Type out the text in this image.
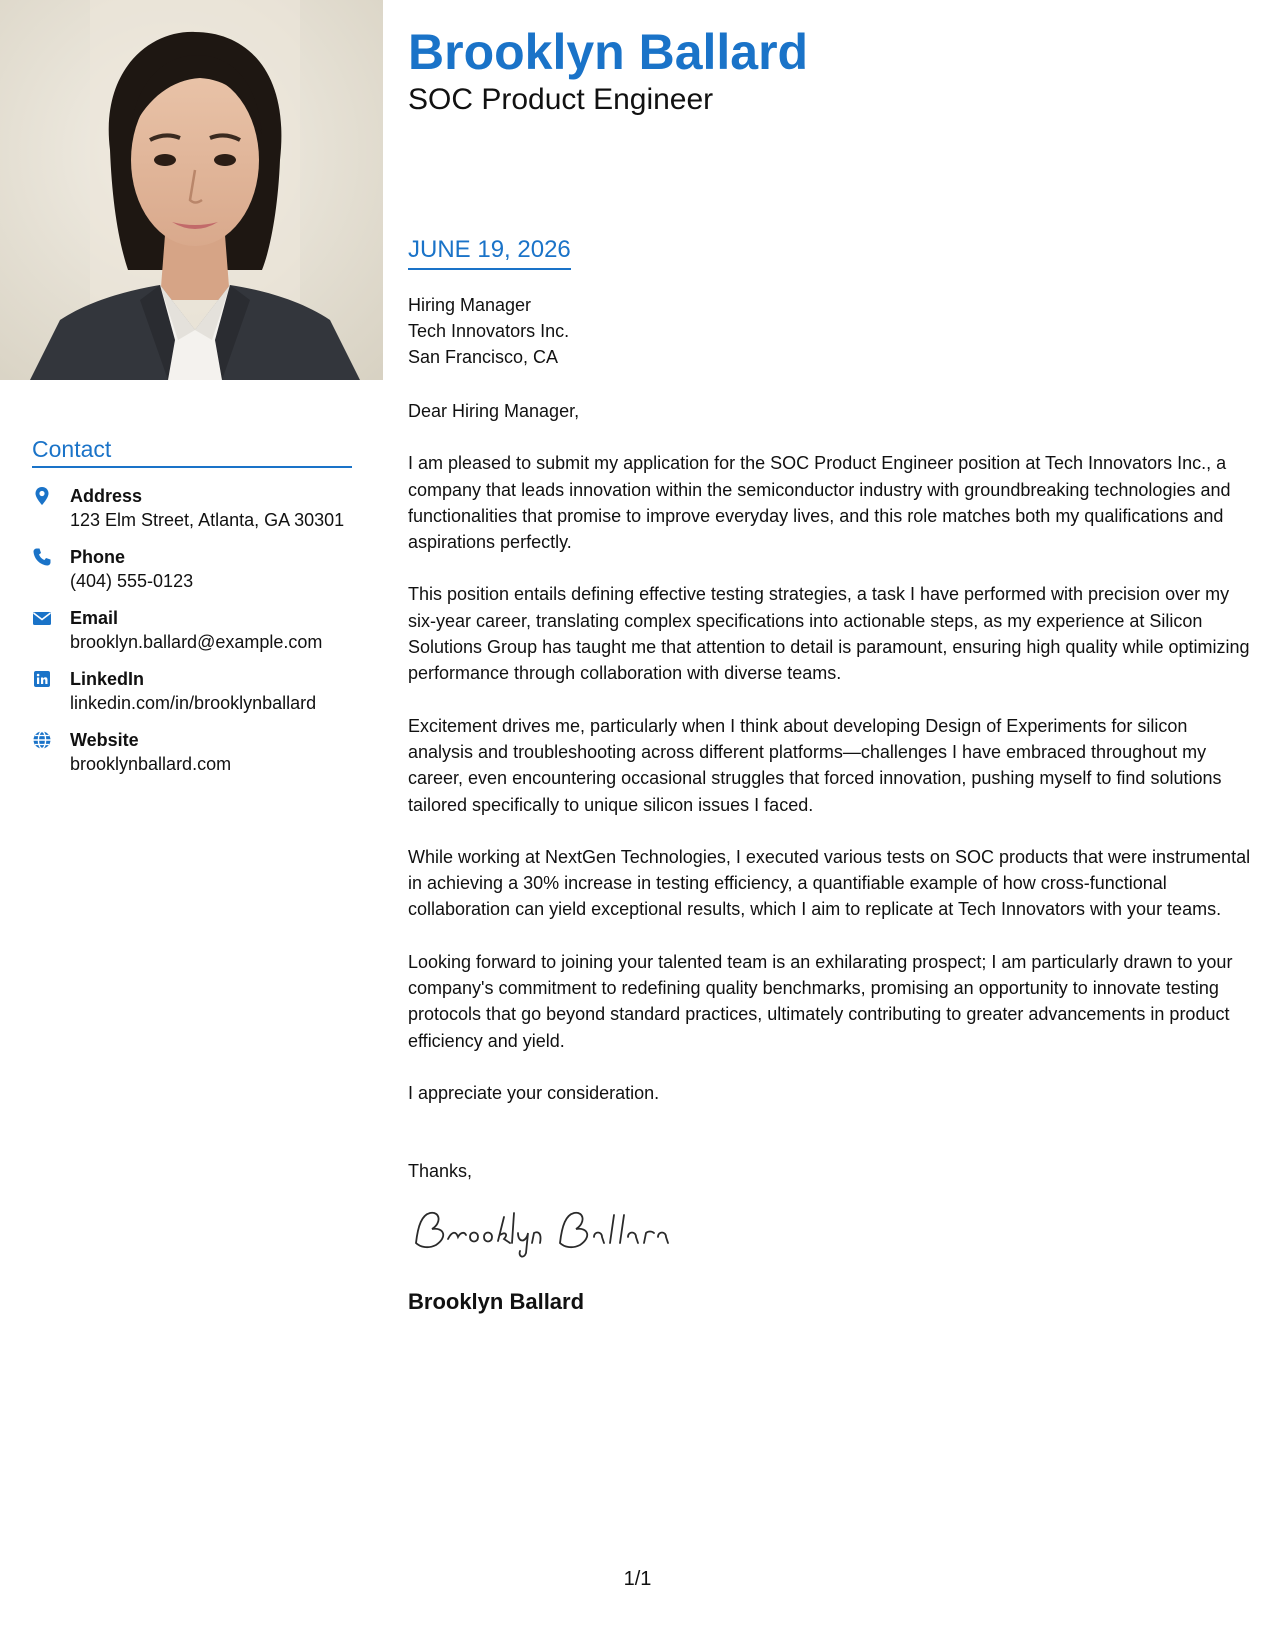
Contact
Address
123 Elm Street, Atlanta, GA 30301
Phone
(404) 555-0123
Email
brooklyn.ballard@example.com
LinkedIn
linkedin.com/in/brooklynballard
Website
brooklynballard.com
Brooklyn Ballard
SOC Product Engineer
JUNE 19, 2026
Hiring Manager
Tech Innovators Inc.
San Francisco, CA

Dear Hiring Manager,

I am pleased to submit my application for the SOC Product Engineer position at Tech Innovators Inc., a company that leads innovation within the semiconductor industry with groundbreaking technologies and functionalities that promise to improve everyday lives, and this role matches both my qualifications and aspirations perfectly.

This position entails defining effective testing strategies, a task I have performed with precision over my six-year career, translating complex specifications into actionable steps, as my experience at Silicon Solutions Group has taught me that attention to detail is paramount, ensuring high quality while optimizing performance through collaboration with diverse teams.

Excitement drives me, particularly when I think about developing Design of Experiments for silicon analysis and troubleshooting across different platforms—challenges I have embraced throughout my career, even encountering occasional struggles that forced innovation, pushing myself to find solutions tailored specifically to unique silicon issues I faced.

While working at NextGen Technologies, I executed various tests on SOC products that were instrumental in achieving a 30% increase in testing efficiency, a quantifiable example of how cross-functional collaboration can yield exceptional results, which I aim to replicate at Tech Innovators with your teams.

Looking forward to joining your talented team is an exhilarating prospect; I am particularly drawn to your company's commitment to redefining quality benchmarks, promising an opportunity to innovate testing protocols that go beyond standard practices, ultimately contributing to greater advancements in product efficiency and yield.

I appreciate your consideration.

Thanks,

Brooklyn Ballard
1/1
